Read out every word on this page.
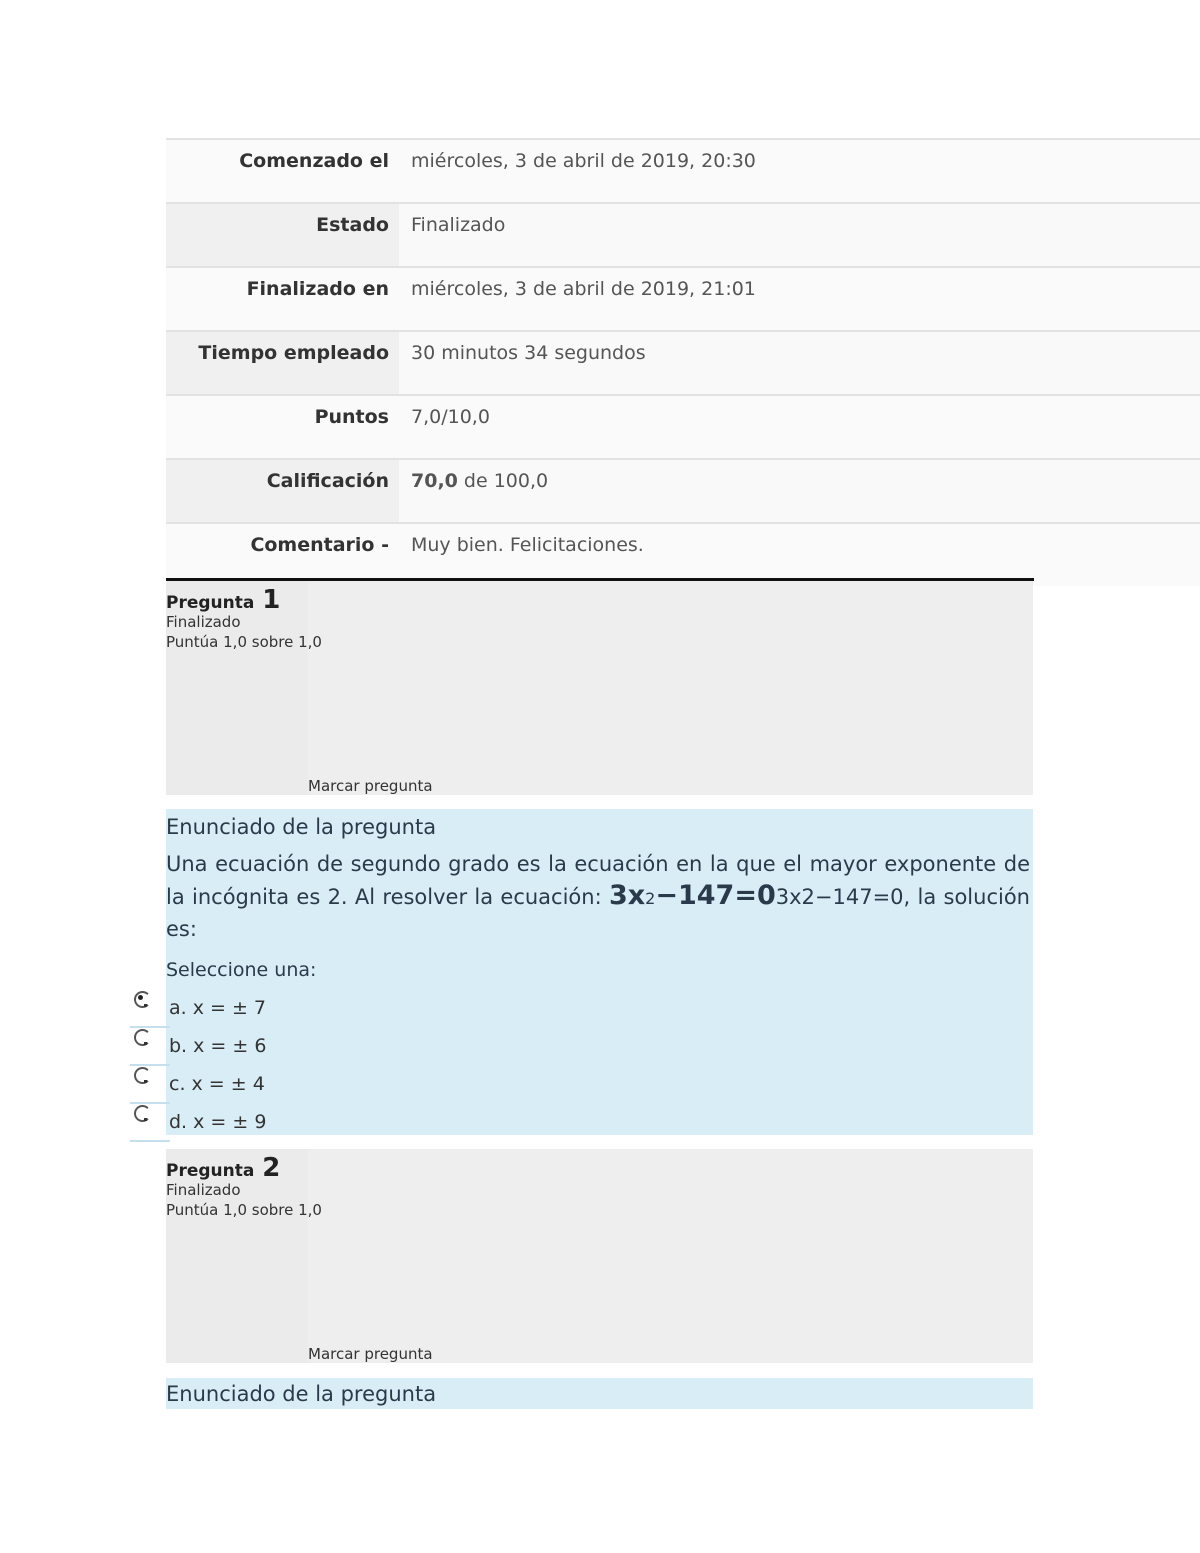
Comenzado el	miércoles, 3 de abril de 2019, 20:30
Estado	Finalizado
Finalizado en	miércoles, 3 de abril de 2019, 21:01
Tiempo empleado	30 minutos 34 segundos
Puntos	7,0/10,0
Calificación	70,0 de 100,0
Comentario -	Muy bien. Felicitaciones.
Pregunta 1
Finalizado
Puntúa 1,0 sobre 1,0
Marcar pregunta
Enunciado de la pregunta
Una ecuación de segundo grado es la ecuación en la que el mayor exponente de la incógnita es 2. Al resolver la ecuación: 3x2−147=03x2−147=0, la solución es:
Seleccione una:
a. x = ± 7
b. x = ± 6
c. x = ± 4
d. x = ± 9
Pregunta 2
Finalizado
Puntúa 1,0 sobre 1,0
Marcar pregunta
Enunciado de la pregunta
